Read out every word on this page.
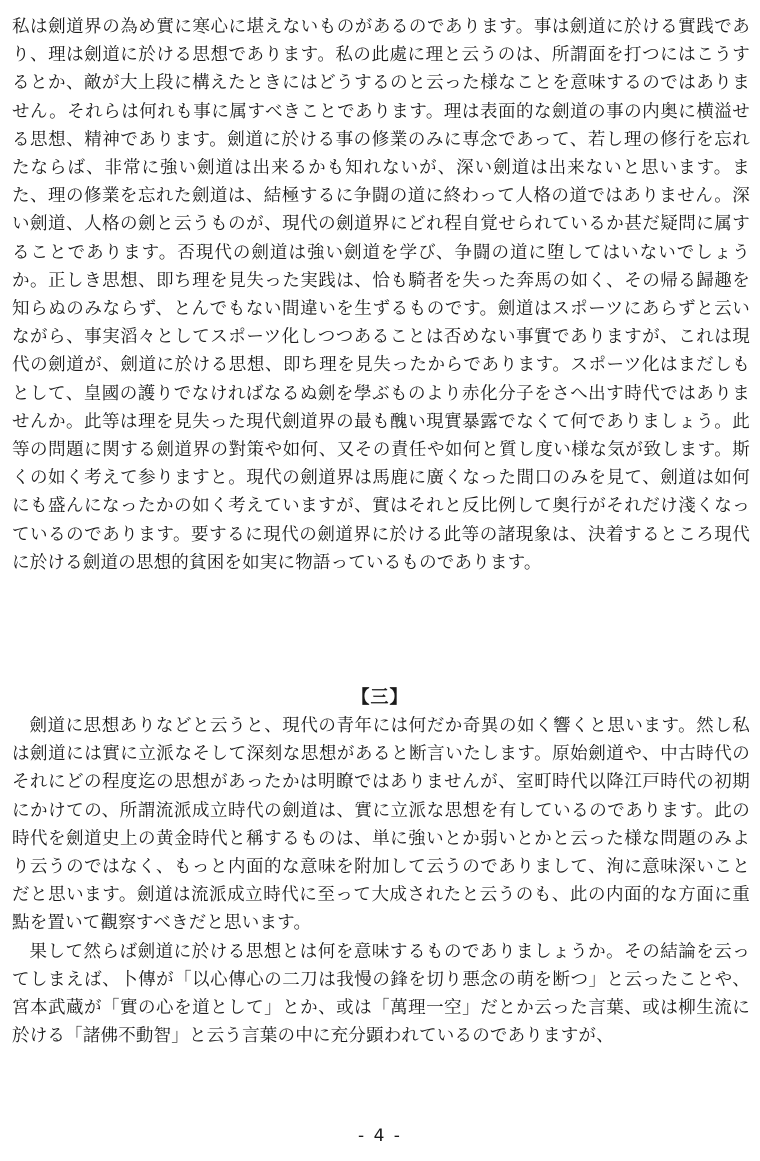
私は劍道界の為め實に寒心に堪えないものがあるのであります。事は劍道に於ける實践であり、理は劍道に於ける思想であります。私の此處に理と云うのは、所謂面を打つにはこうするとか、敵が大上段に構えたときにはどうするのと云った様なことを意味するのではありません。それらは何れも事に属すべきことであります。理は表面的な劍道の事の内奥に横溢せる思想、精神であります。劍道に於ける事の修業のみに専念であって、若し理の修行を忘れたならば、非常に強い劍道は出来るかも知れないが、深い劍道は出来ないと思います。また、理の修業を忘れた劍道は、結極するに争闘の道に終わって人格の道ではありません。深い劍道、人格の劍と云うものが、現代の劍道界にどれ程自覚せられているか甚だ疑問に属することであります。否現代の劍道は強い劍道を学び、争闘の道に堕してはいないでしょうか。正しき思想、即ち理を見失った実践は、恰も騎者を失った奔馬の如く、その帰る歸趣を知らぬのみならず、とんでもない間違いを生ずるものです。劍道はスポーツにあらずと云いながら、事実滔々としてスポーツ化しつつあることは否めない事實でありますが、これは現代の劍道が、劍道に於ける思想、即ち理を見失ったからであります。スポーツ化はまだしもとして、皇國の護りでなければなるぬ劍を學ぶものより赤化分子をさへ出す時代ではありませんか。此等は理を見失った現代劍道界の最も醜い現實暴露でなくて何でありましょう。此等の問題に関する劍道界の對策や如何、又その責任や如何と質し度い様な気が致します。斯くの如く考えて参りますと。現代の劍道界は馬鹿に廣くなった間口のみを見て、劍道は如何にも盛んになったかの如く考えていますが、實はそれと反比例して奥行がそれだけ淺くなっているのであります。要するに現代の劍道界に於ける此等の諸現象は、決着するところ現代に於ける劍道の思想的貧困を如実に物語っているものであります。

【三】

劍道に思想ありなどと云うと、現代の青年には何だか奇異の如く響くと思います。然し私は劍道には實に立派なそして深刻な思想があると断言いたします。原始劍道や、中古時代のそれにどの程度迄の思想があったかは明瞭ではありませんが、室町時代以降江戸時代の初期にかけての、所謂流派成立時代の劍道は、實に立派な思想を有しているのであります。此の時代を劍道史上の黄金時代と稱するものは、単に強いとか弱いとかと云った様な問題のみより云うのではなく、もっと内面的な意味を附加して云うのでありまして、洵に意味深いことだと思います。劍道は流派成立時代に至って大成されたと云うのも、此の内面的な方面に重點を置いて觀察すべきだと思います。

果して然らば劍道に於ける思想とは何を意味するものでありましょうか。その結論を云ってしまえば、卜傳が「以心傳心の二刀は我慢の鋒を切り悪念の萌を断つ」と云ったことや、宮本武蔵が「實の心を道として」とか、或は「萬理一空」だとか云った言葉、或は柳生流に於ける「諸佛不動智」と云う言葉の中に充分顕われているのでありますが、

- 4 -
